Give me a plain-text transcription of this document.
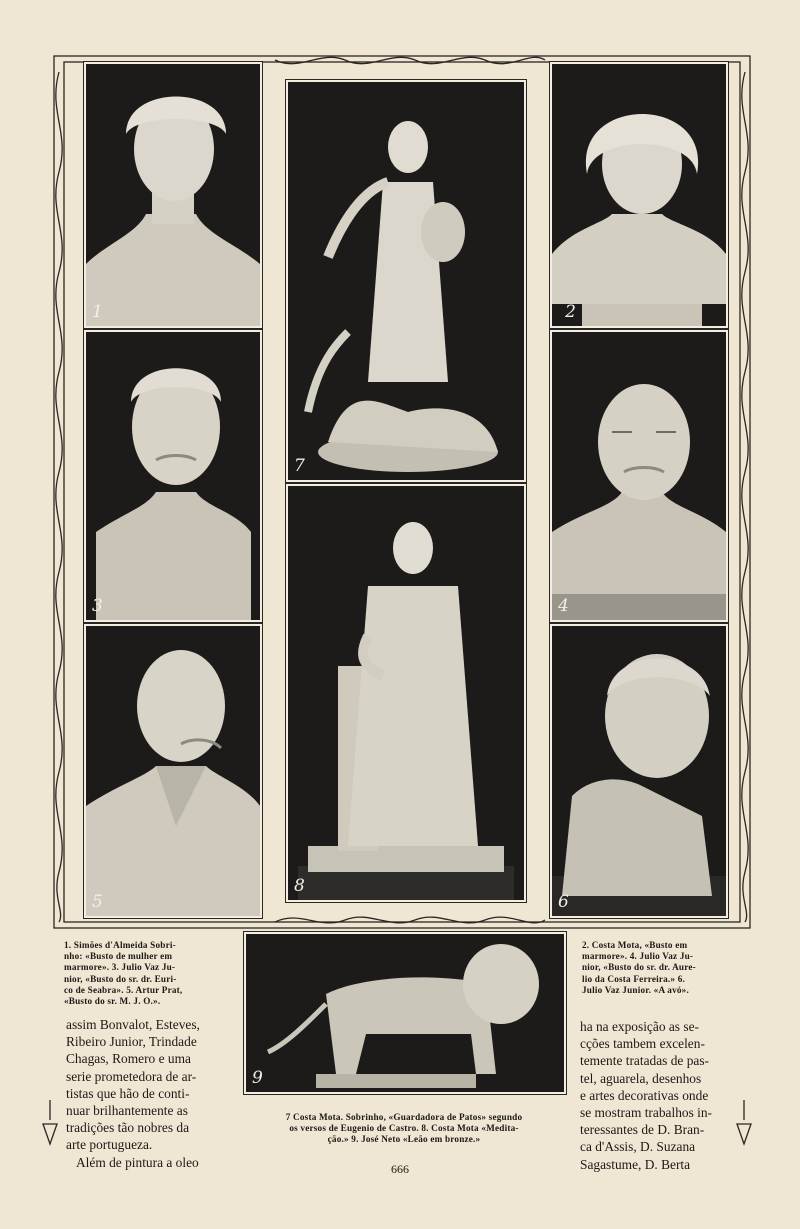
1
3
5
7
8
2
4
6
9
1. Simões d'Almeida Sobri-
nho: «Busto de mulher em
marmore». 3. Julio Vaz Ju-
nior, «Busto do sr. dr. Euri-
co de Seabra». 5. Artur Prat,
«Busto do sr. M. J. O.».
2. Costa Mota, «Busto em
marmore». 4. Julio Vaz Ju-
nior, «Busto do sr. dr. Aure-
lio da Costa Ferreira.» 6.
Julio Vaz Junior. «A avó».
7 Costa Mota. Sobrinho, «Guardadora de Patos» segundo
os versos de Eugenio de Castro. 8. Costa Mota «Medita-
ção.» 9. José Neto «Leão em bronze.»

assim Bonvalot, Esteves,

Ribeiro Junior, Trindade

Chagas, Romero e uma

serie prometedora de ar-

tistas que hão de conti-

nuar brilhantemente as

tradições tão nobres da

arte portugueza.

Além de pintura a oleo

ha na exposição as se-

cções tambem excelen-

temente tratadas de pas-

tel, aguarela, desenhos

e artes decorativas onde

se mostram trabalhos in-

teressantes de D. Bran-

ca d'Assis, D. Suzana

Sagastume, D. Berta

666
